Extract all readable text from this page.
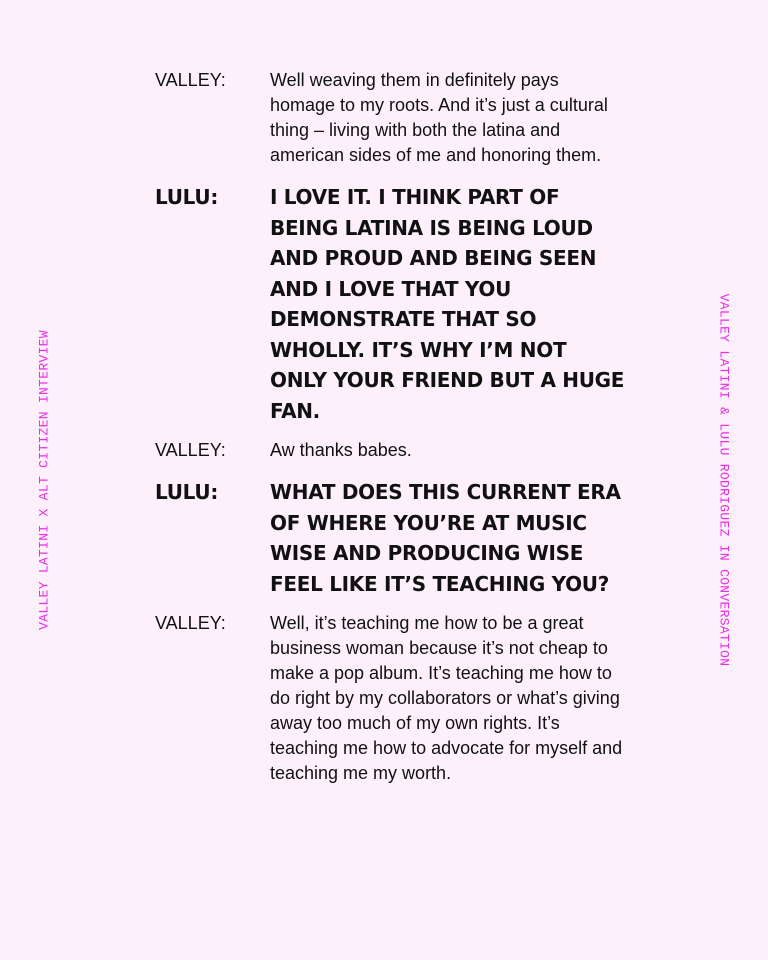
VALLEY LATINI X ALT CITIZEN INTERVIEW	VALLEY LATINI & LULU RODRIGUEZ IN CONVERSATION
VALLEY:	Well weaving them in definitely pays homage to my roots. And it’s just a cultural thing – living with both the latina and american sides of me and honoring them.
LULU:	I LOVE IT. I THINK PART OF BEING LATINA IS BEING LOUD AND PROUD AND BEING SEEN AND I LOVE THAT YOU DEMONSTRATE THAT SO WHOLLY. IT’S WHY I’M NOT ONLY YOUR FRIEND BUT A HUGE FAN.
VALLEY:	Aw thanks babes.
LULU:	WHAT DOES THIS CURRENT ERA OF WHERE YOU’RE AT MUSIC WISE AND PRODUCING WISE FEEL LIKE IT’S TEACHING YOU?
VALLEY:	Well, it’s teaching me how to be a great business woman because it’s not cheap to make a pop album. It’s teaching me how to do right by my collaborators or what’s giving away too much of my own rights. It’s teaching me how to advocate for myself and teaching me my worth.
